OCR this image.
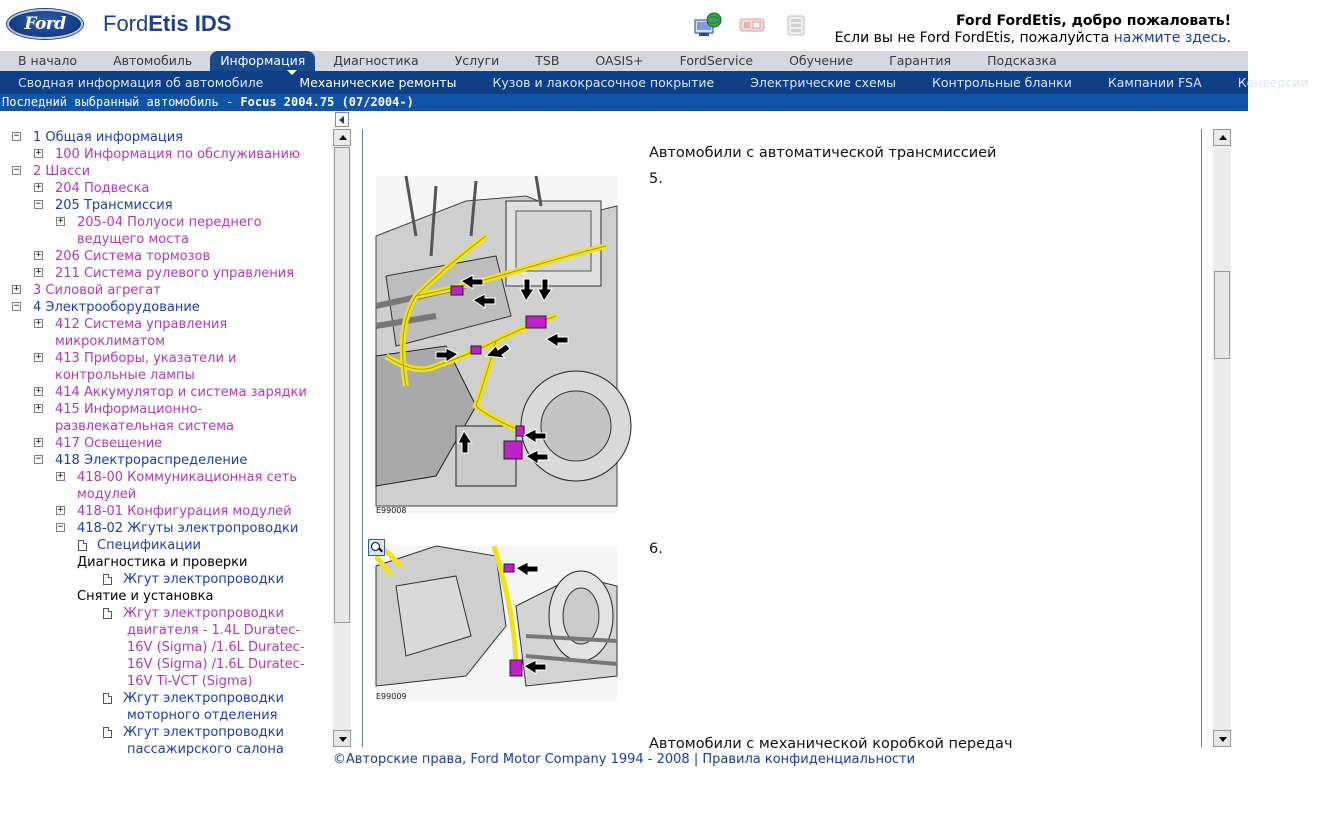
Ford FordEtis IDS	Ford FordEtis, добро пожаловать!
Если вы не Ford FordEtis, пожалуйста нажмите здесь.
В начало	Автомобиль	Информация	Диагностика	Услуги	TSB	OASIS+	FordService	Обучение	Гарантия	Подсказка
Сводная информация об автомобиле	Механические ремонты	Кузов и лакокрасочное покрытие	Электрические схемы	Контрольные бланки	Кампании FSA	Конверсии
Последний выбранный автомобиль - Focus 2004.75 (07/2004-)
− 1 Общая информация
+ 100 Информация по обслуживанию
− 2 Шасси
+ 204 Подвеска
− 205 Трансмиссия
+ 205-04 Полуоси переднего
ведущего моста
+ 206 Система тормозов
+ 211 Система рулевого управления
+ 3 Силовой агрегат
− 4 Электрооборудование
+ 412 Система управления
микроклиматом
+ 413 Приборы, указатели и
контрольные лампы
+ 414 Аккумулятор и система зарядки
+ 415 Информационно-
развлекательная система
+ 417 Освещение
− 418 Электрораспределение
+ 418-00 Коммуникационная сеть
модулей
+ 418-01 Конфигурация модулей
− 418-02 Жгуты электропроводки
Спецификации
Диагностика и проверки
Жгут электропроводки
Снятие и установка
Жгут электропроводки
двигателя - 1.4L Duratec-
16V (Sigma) /1.6L Duratec-
16V (Sigma) /1.6L Duratec-
16V Ti-VCT (Sigma)
Жгут электропроводки
моторного отделения
Жгут электропроводки
пассажирского салона
Автомобили с автоматической трансмиссией
5.
E99008
6.
E99009
Автомобили с механической коробкой передач
©Авторские права, Ford Motor Company 1994 - 2008 | Правила конфиденциальности
